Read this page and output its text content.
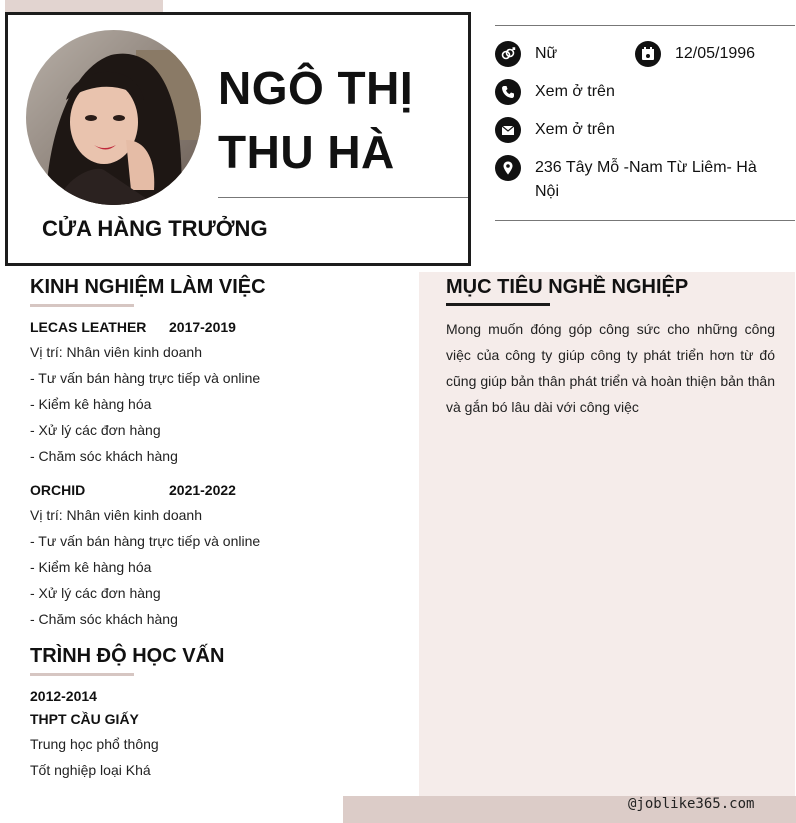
NGÔ THỊ
THU HÀ
CỬA HÀNG TRƯỞNG
Nữ	12/05/1996
Xem ở trên
Xem ở trên
236 Tây Mỗ -Nam Từ Liêm- Hà
Nội
KINH NGHIỆM LÀM VIỆC
LECAS LEATHER 2017-2019
Vị trí: Nhân viên kinh doanh
- Tư vấn bán hàng trực tiếp và online
- Kiểm kê hàng hóa
- Xử lý các đơn hàng
- Chăm sóc khách hàng
ORCHID	2021-2022
Vị trí: Nhân viên kinh doanh
- Tư vấn bán hàng trực tiếp và online
- Kiểm kê hàng hóa
- Xử lý các đơn hàng
- Chăm sóc khách hàng
TRÌNH ĐỘ HỌC VẤN
2012-2014
THPT CẦU GIẤY
Trung học phổ thông
Tốt nghiệp loại Khá
MỤC TIÊU NGHỀ NGHIỆP
Mong muốn đóng góp công sức cho những công việc của công ty giúp công ty phát triển hơn từ đó cũng giúp bản thân phát triển và hoàn thiện bản thân và gắn bó lâu dài với công việc
@joblike365.com
